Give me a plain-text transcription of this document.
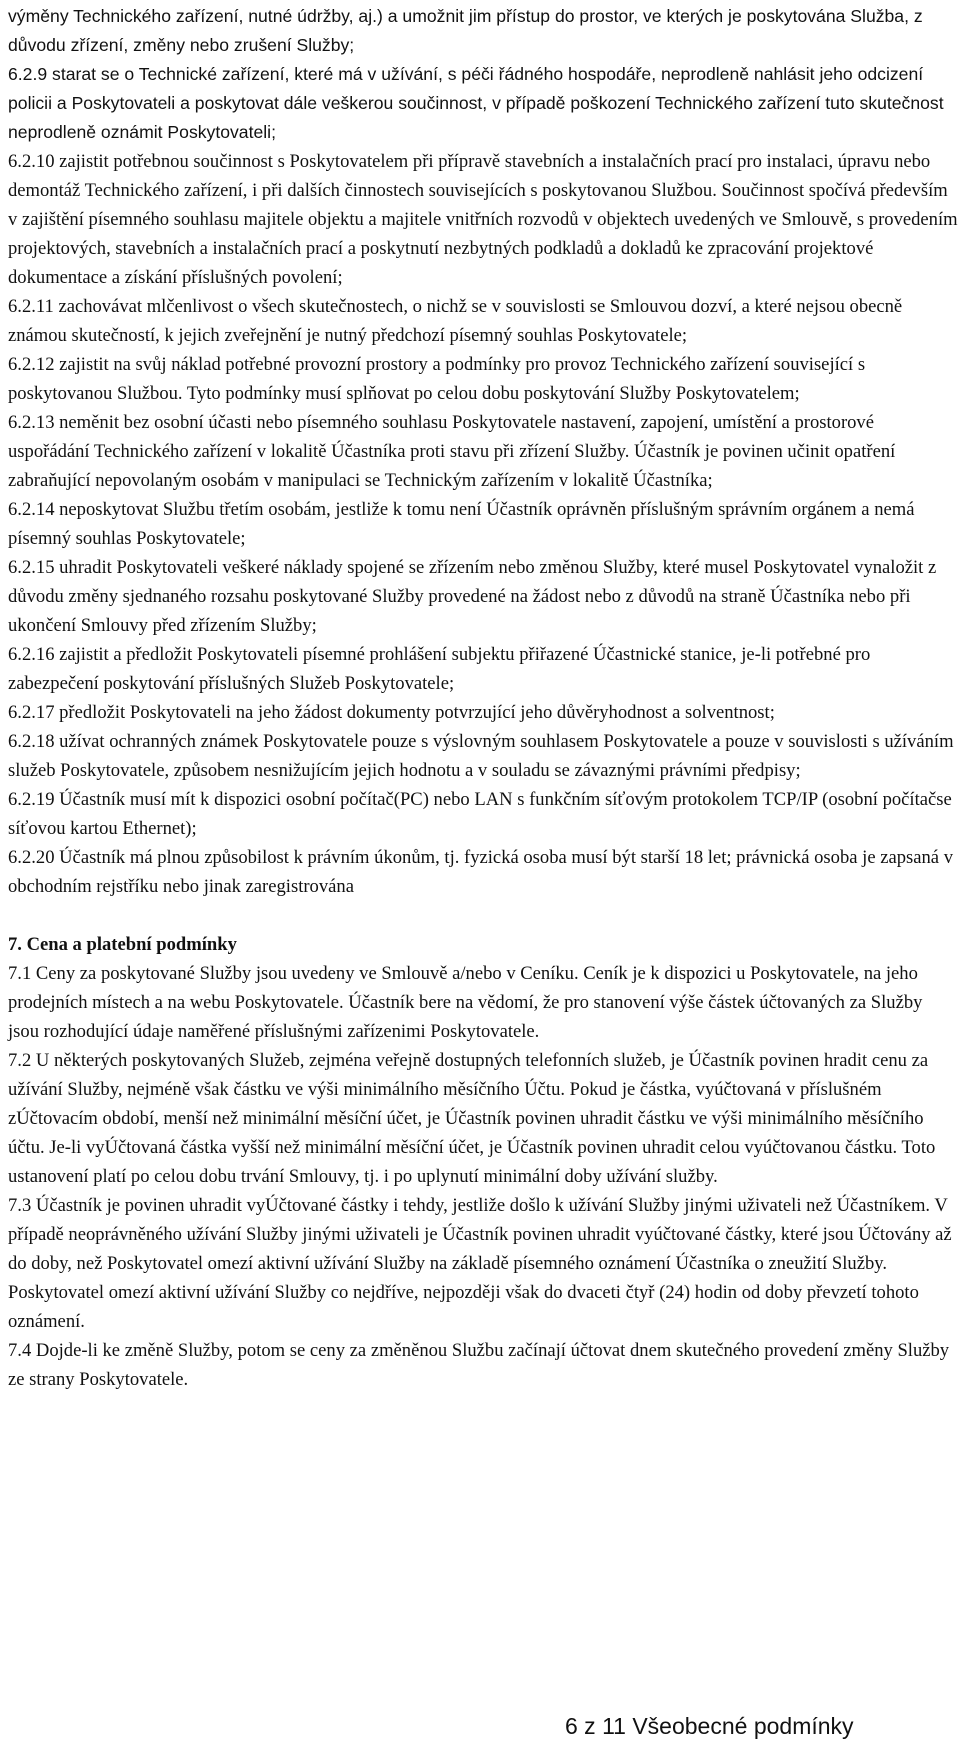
výměny Technického zařízení, nutné údržby, aj.) a umožnit jim přístup do prostor, ve kterých je poskytována Služba, z důvodu zřízení, změny nebo zrušení Služby;
6.2.9 starat se o Technické zařízení, které má v užívání, s péči řádného hospodáře, neprodleně nahlásit jeho odcizení policii a Poskytovateli a poskytovat dále veškerou součinnost, v případě poškození Technického zařízení tuto skutečnost neprodleně oznámit Poskytovateli;

6.2.10 zajistit potřebnou součinnost s Poskytovatelem při přípravě stavebních a instalačních prací pro instalaci, úpravu nebo demontáž Technického zařízení, i při dalších činnostech souvisejících s poskytovanou Službou. Součinnost spočívá především v zajištění písemného souhlasu majitele objektu a majitele vnitřních rozvodů v objektech uvedených ve Smlouvě, s provedením projektových, stavebních a instalačních prací a poskytnutí nezbytných podkladů a dokladů ke zpracování projektové dokumentace a získání příslušných povolení;

6.2.11 zachovávat mlčenlivost o všech skutečnostech, o nichž se v souvislosti se Smlouvou dozví, a které nejsou obecně známou skutečností, k jejich zveřejnění je nutný předchozí písemný souhlas Poskytovatele;

6.2.12 zajistit na svůj náklad potřebné provozní prostory a podmínky pro provoz Technického zařízení související s poskytovanou Službou. Tyto podmínky musí splňovat po celou dobu poskytování Služby Poskytovatelem;

6.2.13 neměnit bez osobní účasti nebo písemného souhlasu Poskytovatele nastavení, zapojení, umístění a prostorové uspořádání Technického zařízení v lokalitě Účastníka proti stavu při zřízení Služby. Účastník je povinen učinit opatření zabraňující nepovolaným osobám v manipulaci se Technickým zařízením v lokalitě Účastníka;

6.2.14 neposkytovat Službu třetím osobám, jestliže k tomu není Účastník oprávněn příslušným správním orgánem a nemá písemný souhlas Poskytovatele;

6.2.15 uhradit Poskytovateli veškeré náklady spojené se zřízením nebo změnou Služby, které musel Poskytovatel vynaložit z důvodu změny sjednaného rozsahu poskytované Služby provedené na žádost nebo z důvodů na straně Účastníka nebo při ukončení Smlouvy před zřízením Služby;

6.2.16 zajistit a předložit Poskytovateli písemné prohlášení subjektu přiřazené Účastnické stanice, je-li potřebné pro zabezpečení poskytování příslušných Služeb Poskytovatele;

6.2.17 předložit Poskytovateli na jeho žádost dokumenty potvrzující jeho důvěryhodnost a solventnost;

6.2.18 užívat ochranných známek Poskytovatele pouze s výslovným souhlasem Poskytovatele a pouze v souvislosti s užíváním služeb Poskytovatele, způsobem nesnižujícím jejich hodnotu a v souladu se závaznými právními předpisy;

6.2.19 Účastník musí mít k dispozici osobní počítač(PC) nebo LAN s funkčním síťovým protokolem TCP/IP (osobní počítačse síťovou kartou Ethernet);

6.2.20 Účastník má plnou způsobilost k právním úkonům, tj. fyzická osoba musí být starší 18 let; právnická osoba je zapsaná v obchodním rejstříku nebo jinak zaregistrována

7. Cena a platební podmínky

7.1 Ceny za poskytované Služby jsou uvedeny ve Smlouvě a/nebo v Ceníku. Ceník je k dispozici u Poskytovatele, na jeho prodejních místech a na webu Poskytovatele. Účastník bere na vědomí, že pro stanovení výše částek účtovaných za Služby jsou rozhodující údaje naměřené příslušnými zařízenimi Poskytovatele.

7.2 U některých poskytovaných Služeb, zejména veřejně dostupných telefonních služeb, je Účastník povinen hradit cenu za užívání Služby, nejméně však částku ve výši minimálního měsíčního Účtu. Pokud je částka, vyúčtovaná v příslušném zÚčtovacím období, menší než minimální měsíční účet, je Účastník povinen uhradit částku ve výši minimálního měsíčního účtu. Je-li vyÚčtovaná částka vyšší než minimální měsíční účet, je Účastník povinen uhradit celou vyúčtovanou částku. Toto ustanovení platí po celou dobu trvání Smlouvy, tj. i po uplynutí minimální doby užívání služby.

7.3 Účastník je povinen uhradit vyÚčtované částky i tehdy, jestliže došlo k užívání Služby jinými uživateli než Účastníkem. V případě neoprávněného užívání Služby jinými uživateli je Účastník povinen uhradit vyúčtované částky, které jsou Účtovány až do doby, než Poskytovatel omezí aktivní užívání Služby na základě písemného oznámení Účastníka o zneužití Služby. Poskytovatel omezí aktivní užívání Služby co nejdříve, nejpozději však do dvaceti čtyř (24) hodin od doby převzetí tohoto oznámení.

7.4 Dojde-li ke změně Služby, potom se ceny za změněnou Službu začínají účtovat dnem skutečného provedení změny Služby ze strany Poskytovatele.

6 z 11 Všeobecné podmínky
